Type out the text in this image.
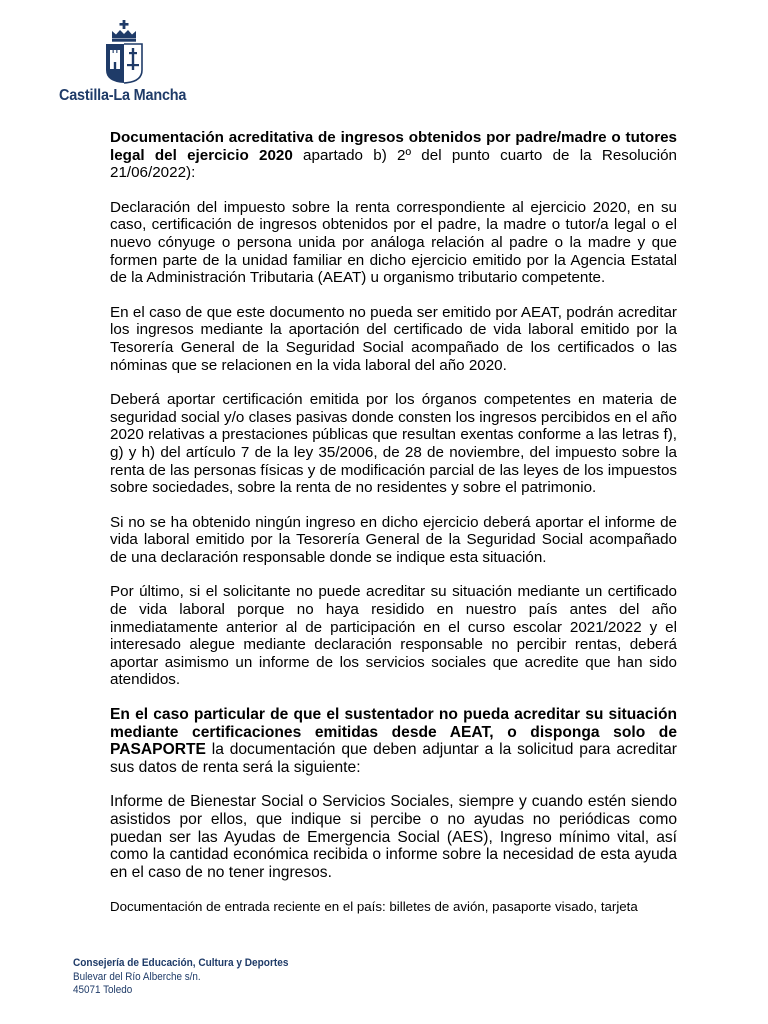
Castilla-La Mancha

Documentación acreditativa de ingresos obtenidos por padre/madre o tutores legal del ejercicio 2020 apartado b) 2º del punto cuarto de la Resolución 21/06/2022):

Declaración del impuesto sobre la renta correspondiente al ejercicio 2020, en su caso, certificación de ingresos obtenidos por el padre, la madre o tutor/a legal o el nuevo cónyuge o persona unida por análoga relación al padre o la madre y que formen parte de la unidad familiar en dicho ejercicio emitido por la Agencia Estatal de la Administración Tributaria (AEAT) u organismo tributario competente.

En el caso de que este documento no pueda ser emitido por AEAT, podrán acreditar los ingresos mediante la aportación del certificado de vida laboral emitido por la Tesorería General de la Seguridad Social acompañado de los certificados o las nóminas que se relacionen en la vida laboral del año 2020.

Deberá aportar certificación emitida por los órganos competentes en materia de seguridad social y/o clases pasivas donde consten los ingresos percibidos en el año 2020 relativas a prestaciones públicas que resultan exentas conforme a las letras f), g) y h) del artículo 7 de la ley 35/2006, de 28 de noviembre, del impuesto sobre la renta de las personas físicas y de modificación parcial de las leyes de los impuestos sobre sociedades, sobre la renta de no residentes y sobre el patrimonio.

Si no se ha obtenido ningún ingreso en dicho ejercicio deberá aportar el informe de vida laboral emitido por la Tesorería General de la Seguridad Social acompañado de una declaración responsable donde se indique esta situación.

Por último, si el solicitante no puede acreditar su situación mediante un certificado de vida laboral porque no haya residido en nuestro país antes del año inmediatamente anterior al de participación en el curso escolar 2021/2022 y el interesado alegue mediante declaración responsable no percibir rentas, deberá aportar asimismo un informe de los servicios sociales que acredite que han sido atendidos.

En el caso particular de que el sustentador no pueda acreditar su situación mediante certificaciones emitidas desde AEAT, o disponga solo de PASAPORTE la documentación que deben adjuntar a la solicitud para acreditar sus datos de renta será la siguiente:

Informe de Bienestar Social o Servicios Sociales, siempre y cuando estén siendo asistidos por ellos, que indique si percibe o no ayudas no periódicas como puedan ser las Ayudas de Emergencia Social (AES), Ingreso mínimo vital, así como la cantidad económica recibida o informe sobre la necesidad de esta ayuda en el caso de no tener ingresos.

Documentación de entrada reciente en el país: billetes de avión, pasaporte visado, tarjeta

Consejería de Educación, Cultura y Deportes
Bulevar del Río Alberche s/n.
45071 Toledo
